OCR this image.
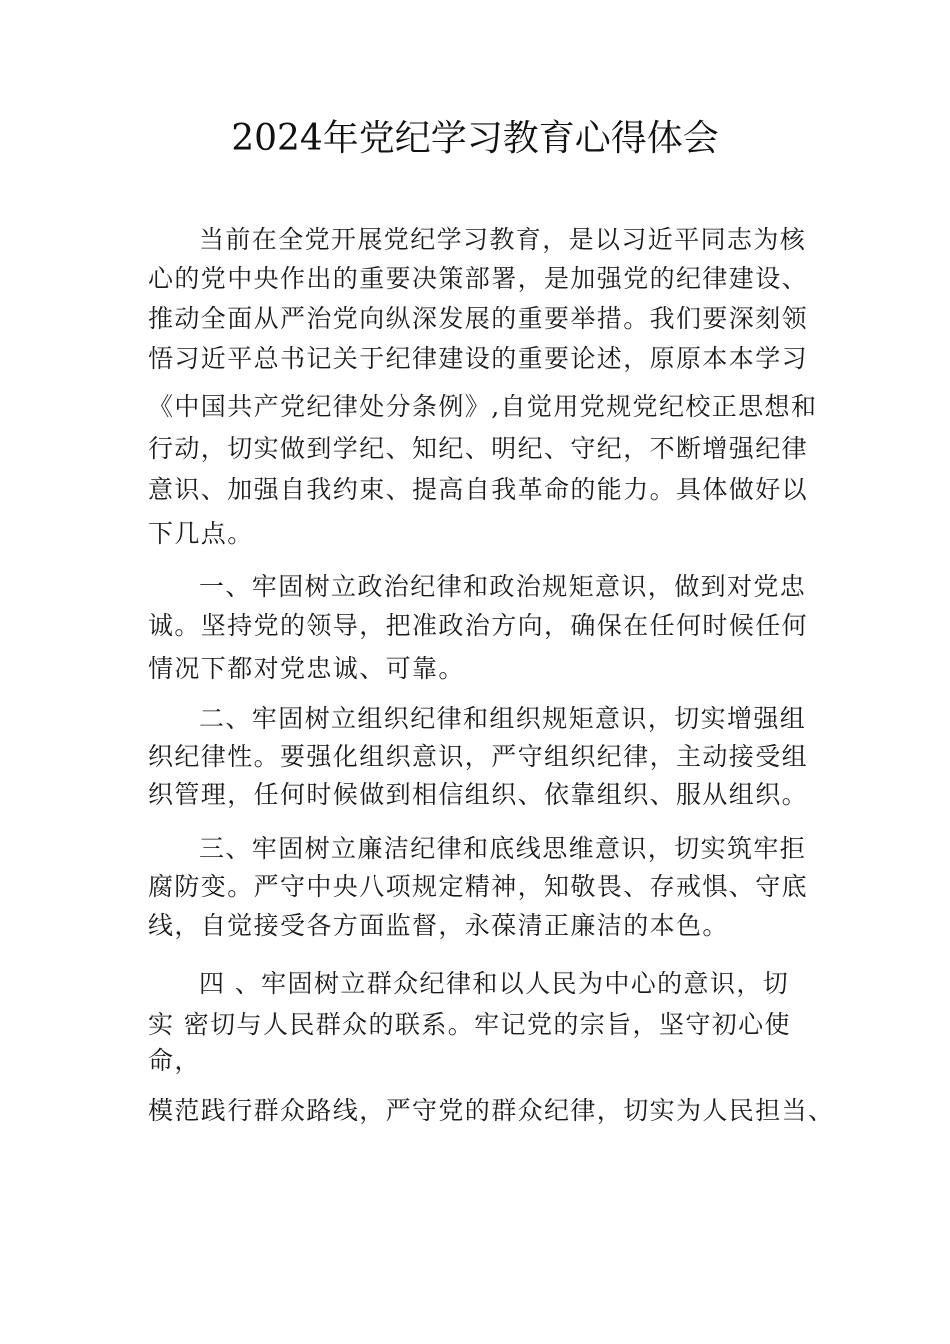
2024年党纪学习教育心得体会
当前在全党开展党纪学习教育，是以习近平同志为核
心的党中央作出的重要决策部署，是加强党的纪律建设、
推动全面从严治党向纵深发展的重要举措。我们要深刻领
悟习近平总书记关于纪律建设的重要论述，原原本本学习
《中国共产党纪律处分条例》,自觉用党规党纪校正思想和
行动，切实做到学纪、知纪、明纪、守纪，不断增强纪律
意识、加强自我约束、提高自我革命的能力。具体做好以
下几点。
一、牢固树立政治纪律和政治规矩意识，做到对党忠
诚。坚持党的领导，把准政治方向，确保在任何时候任何
情况下都对党忠诚、可靠。
二、牢固树立组织纪律和组织规矩意识，切实增强组
织纪律性。要强化组织意识，严守组织纪律，主动接受组
织管理，任何时候做到相信组织、依靠组织、服从组织。
三、牢固树立廉洁纪律和底线思维意识，切实筑牢拒
腐防变。严守中央八项规定精神，知敬畏、存戒惧、守底
线，自觉接受各方面监督，永葆清正廉洁的本色。
四 、牢固树立群众纪律和以人民为中心的意识，切
实 密切与人民群众的联系。牢记党的宗旨，坚守初心使
命，
模范践行群众路线，严守党的群众纪律，切实为人民担当、
